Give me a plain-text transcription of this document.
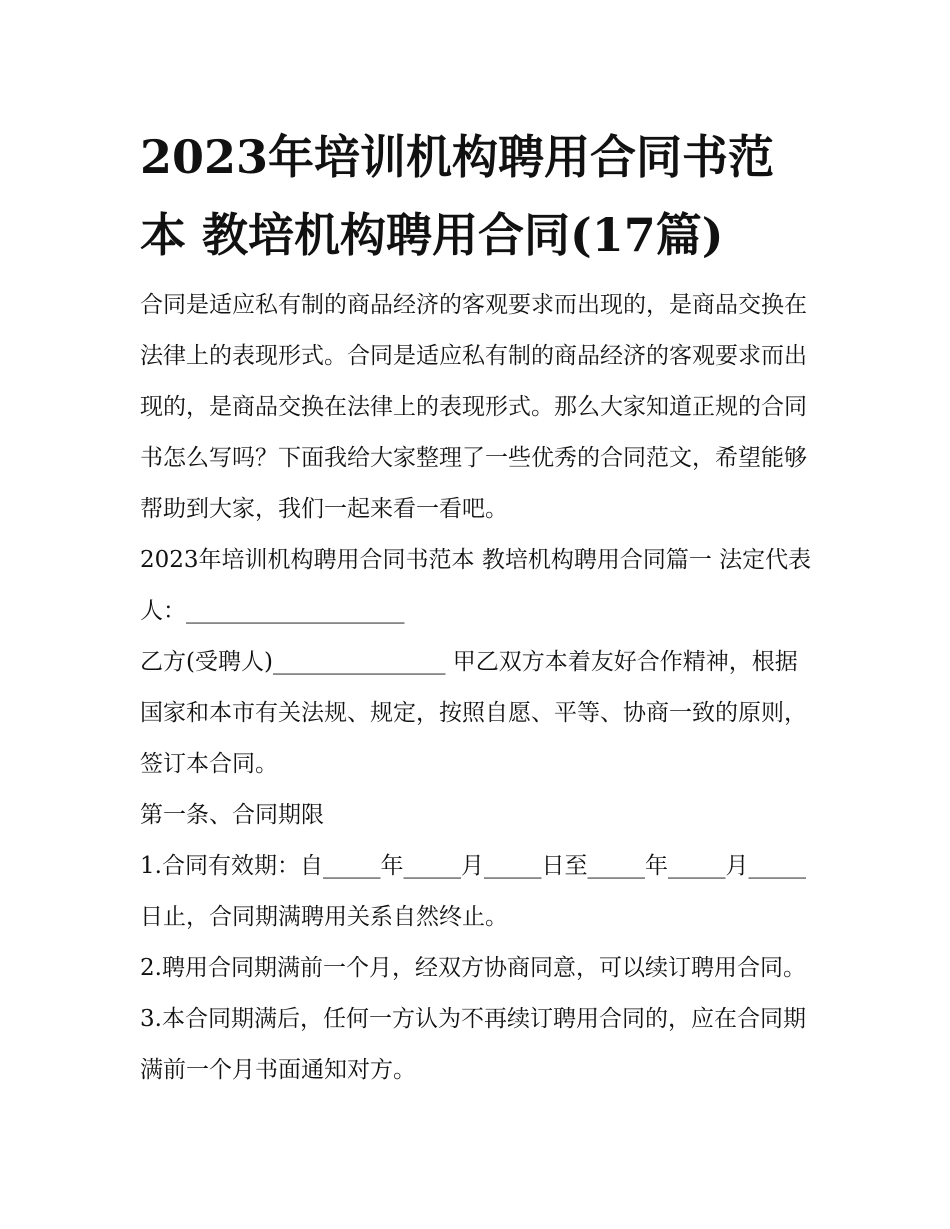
2023年培训机构聘用合同书范本 教培机构聘用合同(17篇)

合同是适应私有制的商品经济的客观要求而出现的，是商品交换在法律上的表现形式。合同是适应私有制的商品经济的客观要求而出现的，是商品交换在法律上的表现形式。那么大家知道正规的合同书怎么写吗？下面我给大家整理了一些优秀的合同范文，希望能够帮助到大家，我们一起来看一看吧。

2023年培训机构聘用合同书范本 教培机构聘用合同篇一 法定代表人：___________________

乙方(受聘人)_______________ 甲乙双方本着友好合作精神，根据国家和本市有关法规、规定，按照自愿、平等、协商一致的原则，签订本合同。

第一条、合同期限

1.合同有效期：自_____年_____月_____日至_____年_____月_____日止，合同期满聘用关系自然终止。

2.聘用合同期满前一个月，经双方协商同意，可以续订聘用合同。 3.本合同期满后，任何一方认为不再续订聘用合同的，应在合同期满前一个月书面通知对方。
